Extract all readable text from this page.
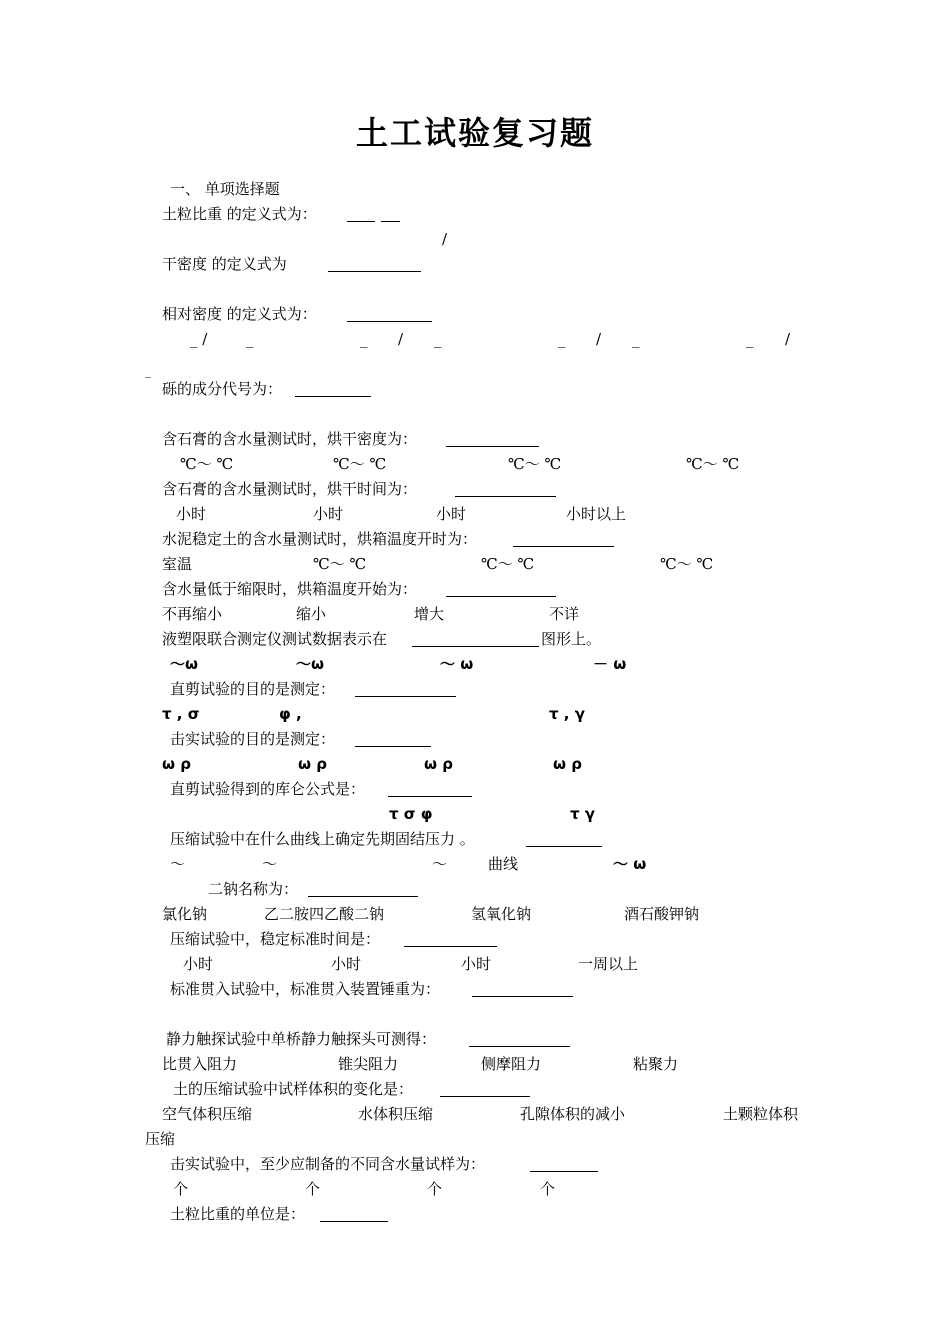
土工试验复习题
一、 单项选择题
土粒比重 的定义式为：
/
干密度 的定义式为
相对密度 的定义式为：
_ /	_	_ / _	_ / _	_ /
_
砾的成分代号为：
含石膏的含水量测试时，烘干密度为：
℃～ ℃	℃～ ℃	℃～ ℃	℃～ ℃
含石膏的含水量测试时，烘干时间为：
小时	小时	小时	小时以上
水泥稳定土的含水量测试时，烘箱温度开时为：
室温	℃～ ℃	℃～ ℃	℃～ ℃
含水量低于缩限时，烘箱温度开始为：
不再缩小	缩小	增大	不详
液塑限联合测定仪测试数据表示在	图形上。
～ω	～ω	～ ω	－ ω
直剪试验的目的是测定：
τ , σ	φ ,	τ , γ
击实试验的目的是测定：
ω ρ	ω ρ	ω ρ	ω ρ
直剪试验得到的库仑公式是：
τ σ φ	τ γ
压缩试验中在什么曲线上确定先期固结压力 。
～	～	～	曲线	～ ω
二钠名称为：
氯化钠	乙二胺四乙酸二钠	氢氧化钠	酒石酸钾钠
压缩试验中，稳定标准时间是：
小时	小时	小时	一周以上
标准贯入试验中，标准贯入装置锤重为：
静力触探试验中单桥静力触探头可测得：
比贯入阻力	锥尖阻力	侧摩阻力	粘聚力
土的压缩试验中试样体积的变化是：
空气体积压缩	水体积压缩	孔隙体积的减小	土颗粒体积
压缩
击实试验中，至少应制备的不同含水量试样为：
个	个	个	个
土粒比重的单位是：
